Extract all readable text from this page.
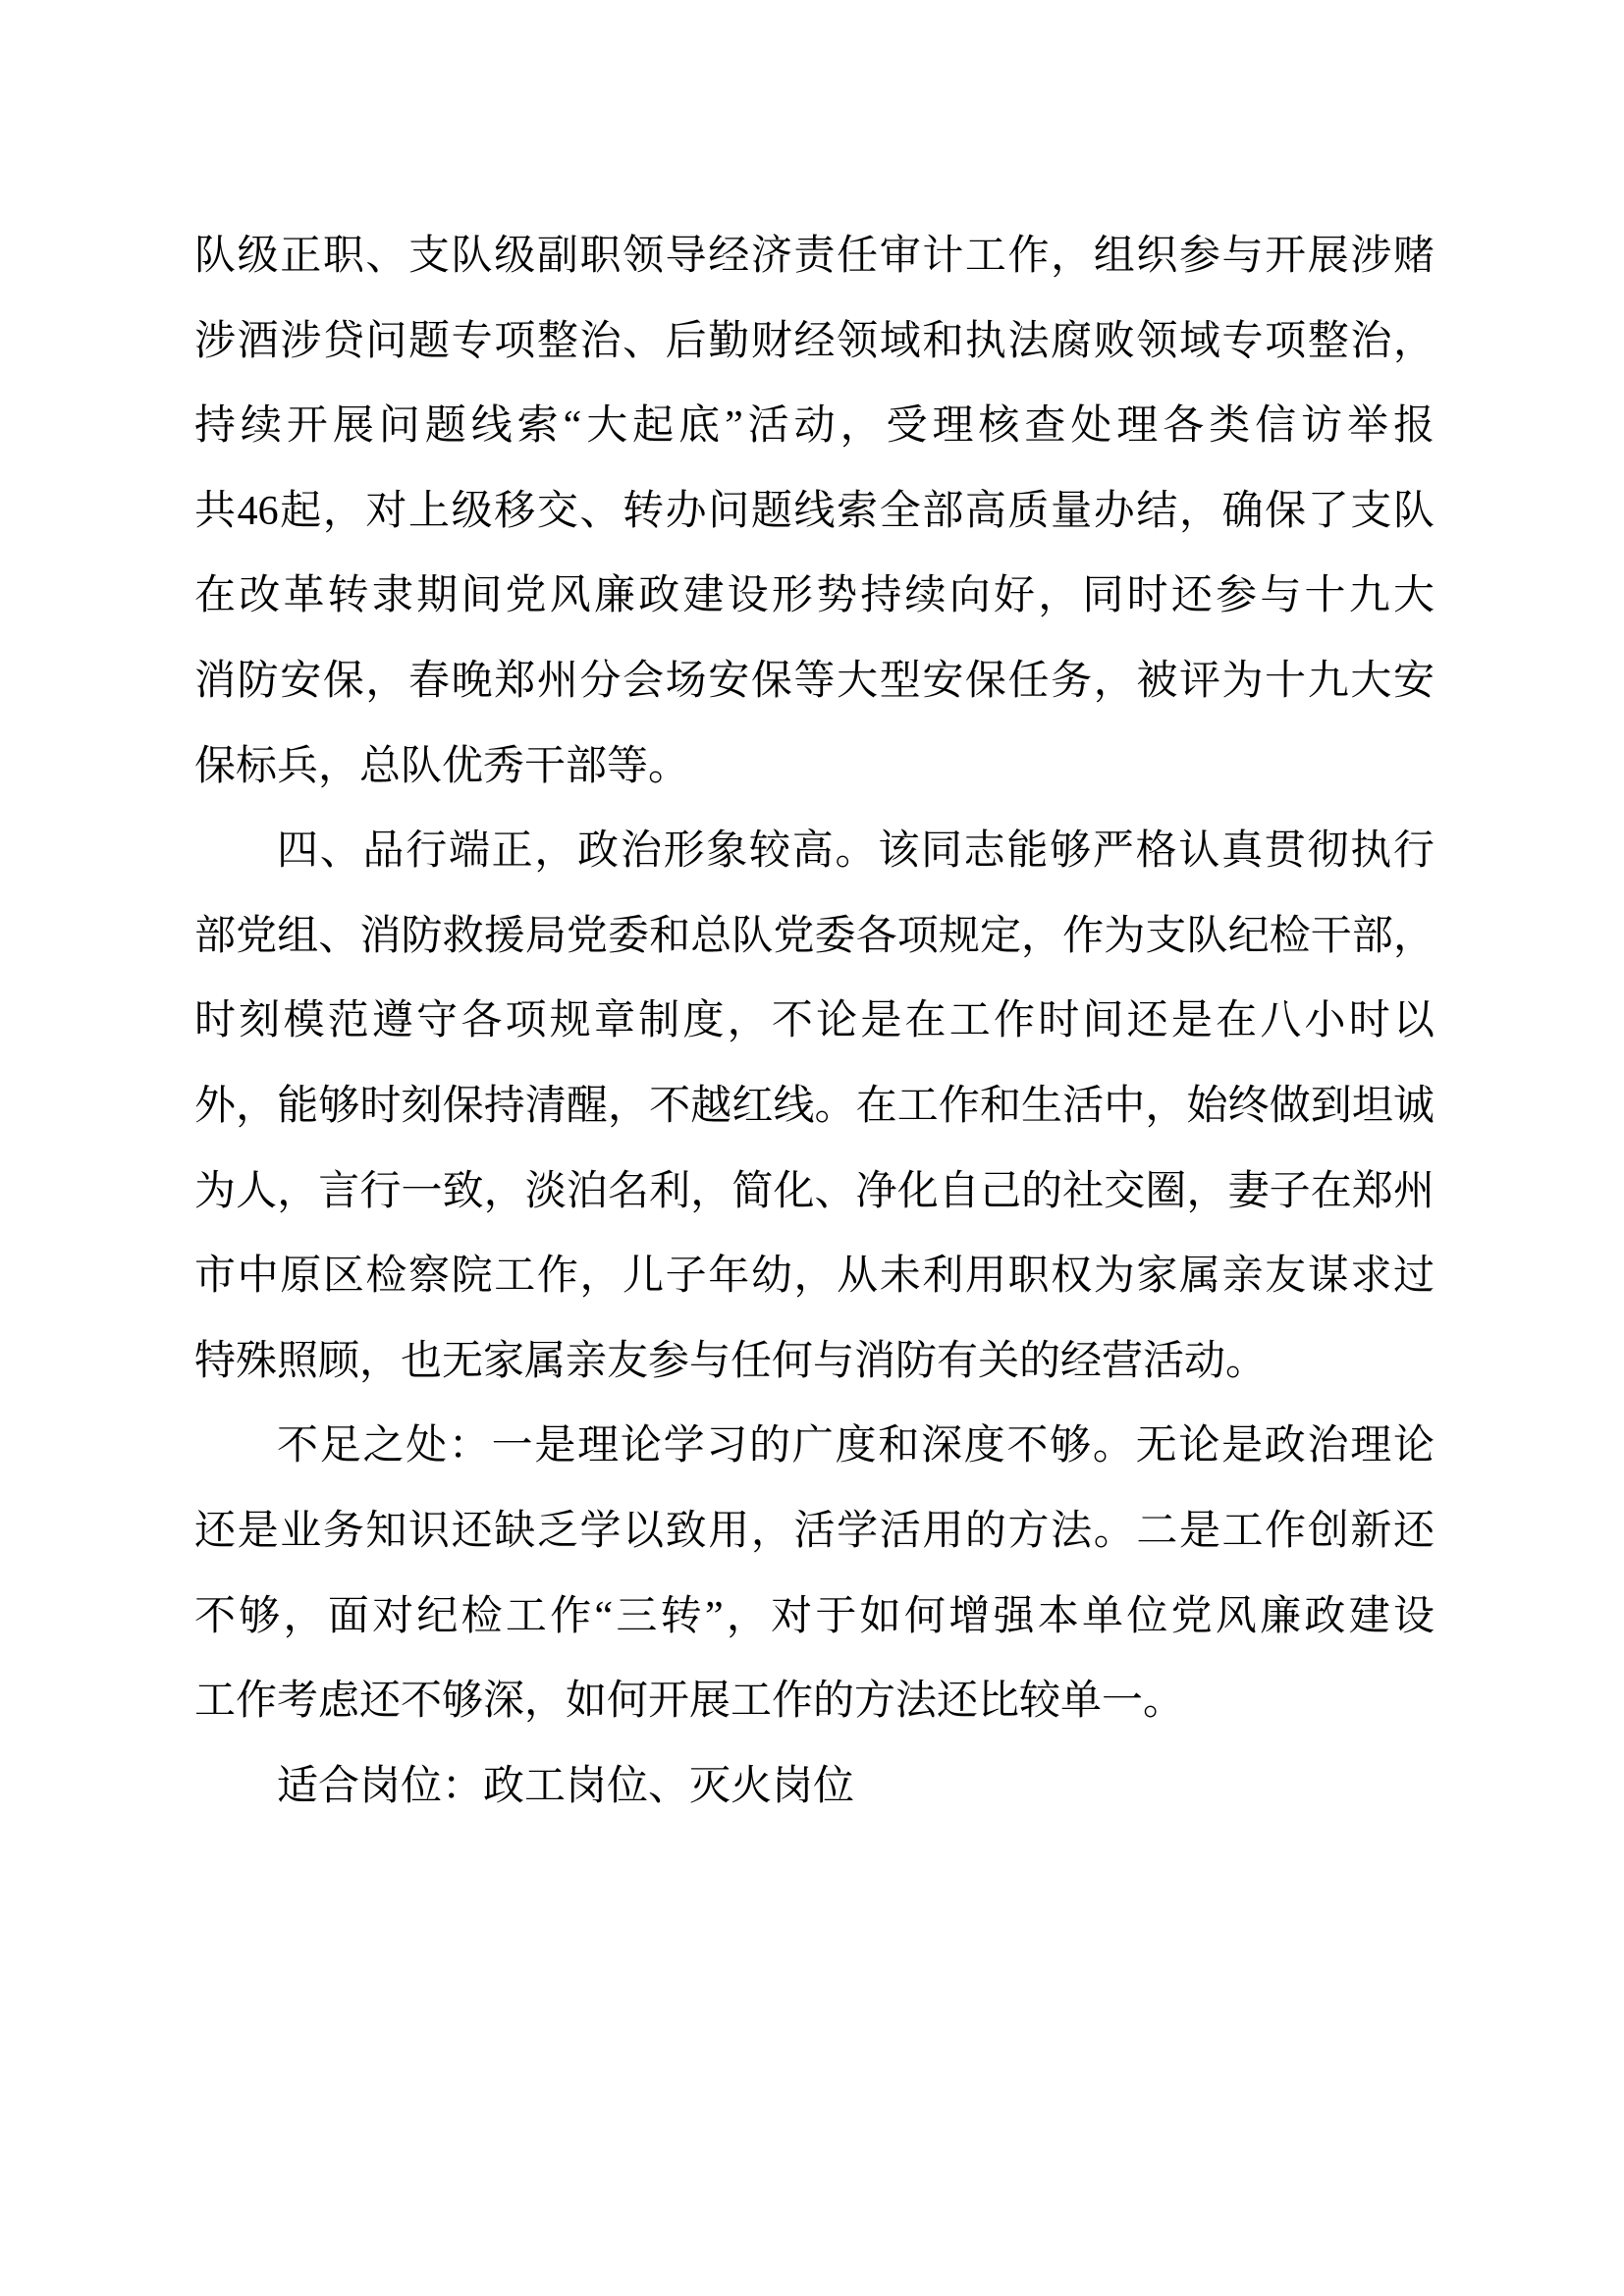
队级正职、支队级副职领导经济责任审计工作，组织参与开展涉赌
涉酒涉贷问题专项整治、后勤财经领域和执法腐败领域专项整治，
持续开展问题线索“大起底”活动，受理核查处理各类信访举报
共46起，对上级移交、转办问题线索全部高质量办结，确保了支队
在改革转隶期间党风廉政建设形势持续向好，同时还参与十九大
消防安保，春晚郑州分会场安保等大型安保任务，被评为十九大安
保标兵，总队优秀干部等。
四、品行端正，政治形象较高。该同志能够严格认真贯彻执行
部党组、消防救援局党委和总队党委各项规定，作为支队纪检干部，
时刻模范遵守各项规章制度，不论是在工作时间还是在八小时以
外，能够时刻保持清醒，不越红线。在工作和生活中，始终做到坦诚
为人，言行一致，淡泊名利，简化、净化自己的社交圈，妻子在郑州
市中原区检察院工作，儿子年幼，从未利用职权为家属亲友谋求过
特殊照顾，也无家属亲友参与任何与消防有关的经营活动。
不足之处：一是理论学习的广度和深度不够。无论是政治理论
还是业务知识还缺乏学以致用，活学活用的方法。二是工作创新还
不够，面对纪检工作“三转”，对于如何增强本单位党风廉政建设
工作考虑还不够深，如何开展工作的方法还比较单一。
适合岗位：政工岗位、灭火岗位
